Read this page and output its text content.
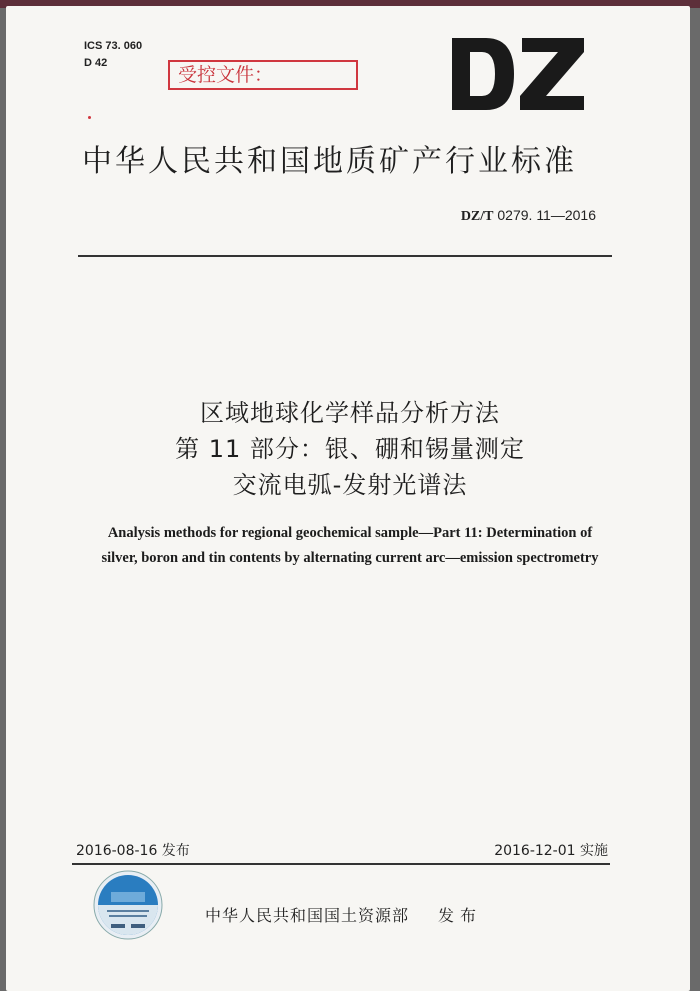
ICS 73. 060
D 42
受控文件：
中华人民共和国地质矿产行业标准
DZ/T 0279. 11—2016
区域地球化学样品分析方法
第 11 部分：银、硼和锡量测定
交流电弧-发射光谱法
Analysis methods for regional geochemical sample—Part 11: Determination of
silver, boron and tin contents by alternating current arc—emission spectrometry
2016-08-16 发布	2016-12-01 实施
中华人民共和国国土资源部 发布
